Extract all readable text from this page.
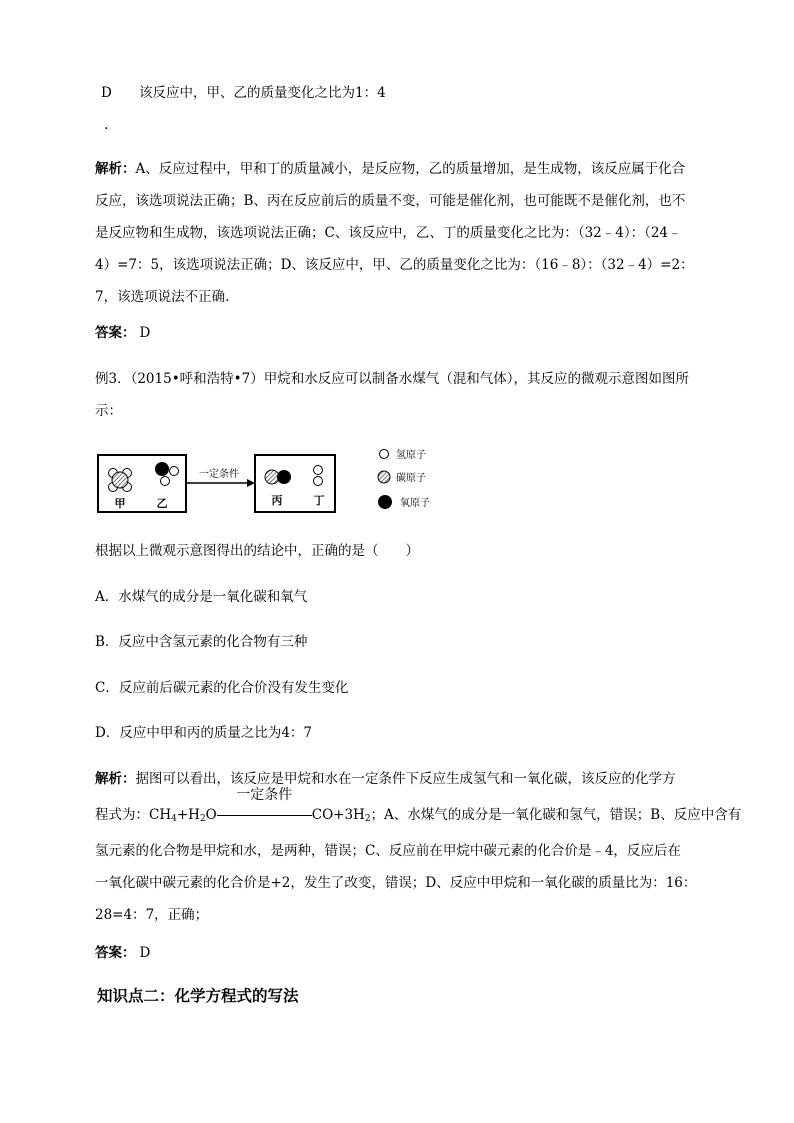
D 该反应中，甲、乙的质量变化之比为1：4
.
解析：A、反应过程中，甲和丁的质量减小，是反应物，乙的质量增加，是生成物，该反应属于化合
反应，该选项说法正确；B、丙在反应前后的质量不变，可能是催化剂，也可能既不是催化剂，也不
是反应物和生成物，该选项说法正确；C、该反应中，乙、丁的质量变化之比为：（32﹣4）：（24﹣
4）=7：5，该选项说法正确；D、该反应中，甲、乙的质量变化之比为：（16﹣8）：（32﹣4）=2：
7，该选项说法不正确．
答案： D
例3．（2015•呼和浩特•7）甲烷和水反应可以制备水煤气（混和气体），其反应的微观示意图如图所
示：
甲	乙
一定条件
丙	丁
氢原子
碳原子
氧原子
根据以上微观示意图得出的结论中，正确的是（　　）
A．水煤气的成分是一氧化碳和氧气
B．反应中含氢元素的化合物有三种
C．反应前后碳元素的化合价没有发生变化
D．反应中甲和丙的质量之比为4：7
解析：据图可以看出，该反应是甲烷和水在一定条件下反应生成氢气和一氧化碳，该反应的化学方
程式为：$CH_4+H_2O$
一定条件
$CO+3H_2$；A、水煤气的成分是一氧化碳和氢气，错误；B、反应中含有
氢元素的化合物是甲烷和水，是两种，错误；C、反应前在甲烷中碳元素的化合价是﹣4，反应后在
一氧化碳中碳元素的化合价是+2，发生了改变，错误；D、反应中甲烷和一氧化碳的质量比为：16：
28=4：7，正确；
答案： D
知识点二：化学方程式的写法
